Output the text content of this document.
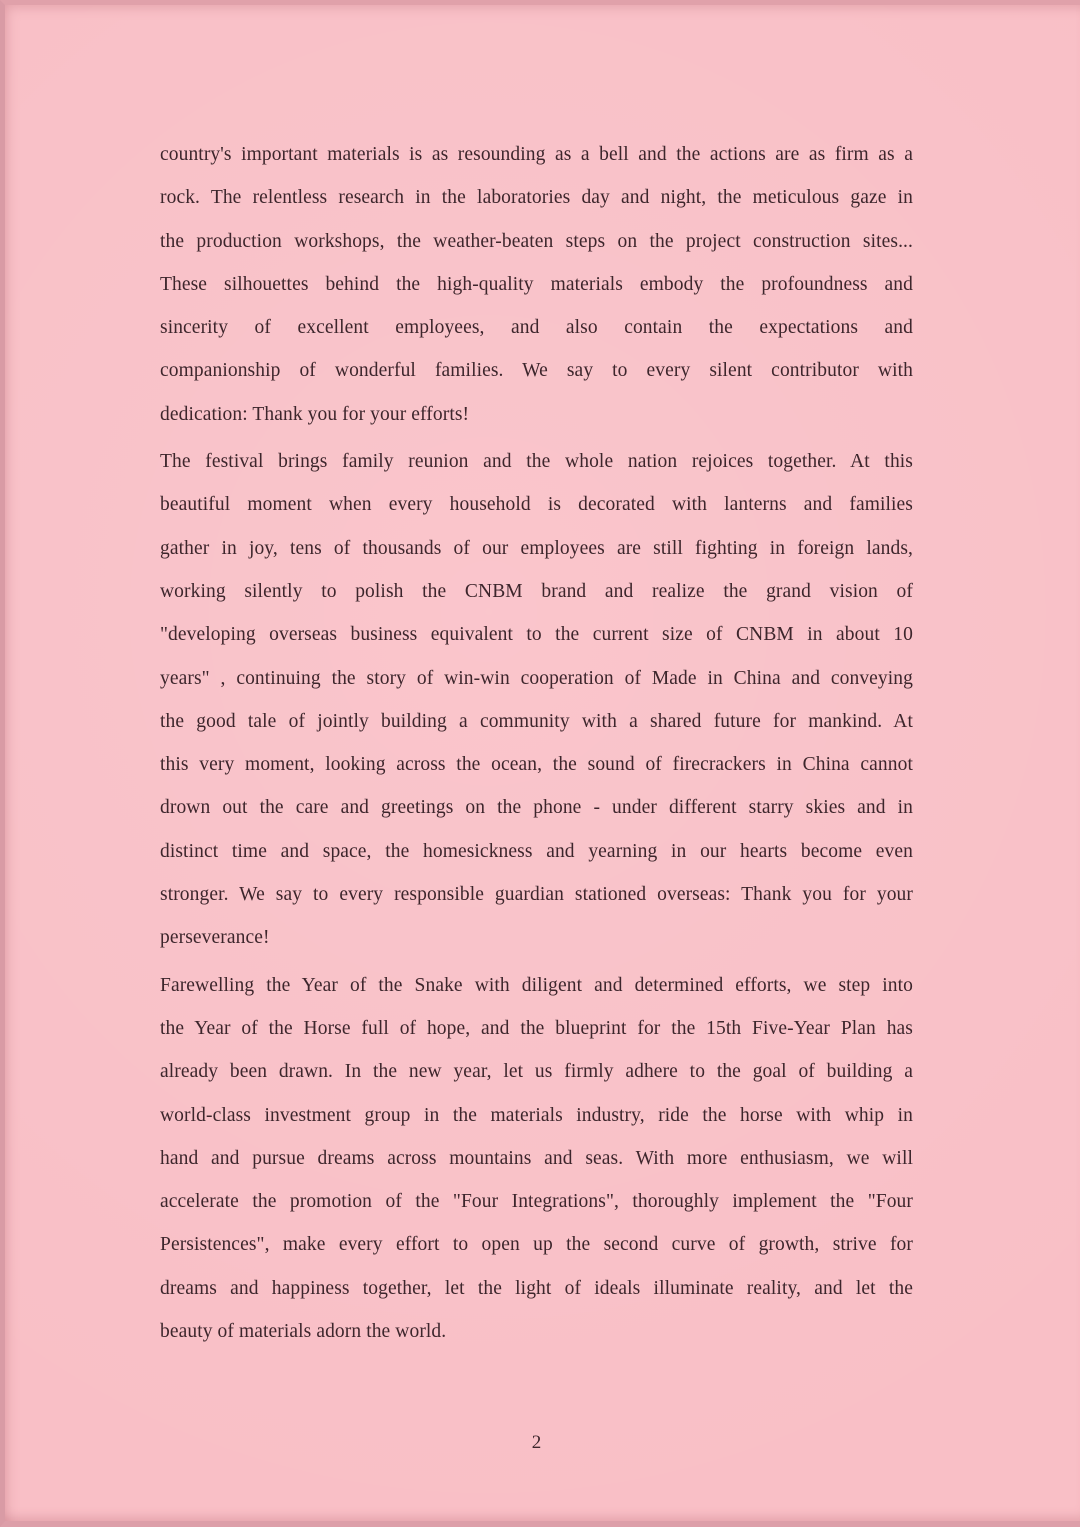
country's important materials is as resounding as a bell and the actions are as firm as a
rock. The relentless research in the laboratories day and night, the meticulous gaze in
the production workshops, the weather-beaten steps on the project construction sites...
These silhouettes behind the high-quality materials embody the profoundness and
sincerity of excellent employees, and also contain the expectations and
companionship of wonderful families. We say to every silent contributor with
dedication: Thank you for your efforts!

The festival brings family reunion and the whole nation rejoices together. At this
beautiful moment when every household is decorated with lanterns and families
gather in joy, tens of thousands of our employees are still fighting in foreign lands,
working silently to polish the CNBM brand and realize the grand vision of
"developing overseas business equivalent to the current size of CNBM in about 10
years" , continuing the story of win-win cooperation of Made in China and conveying
the good tale of jointly building a community with a shared future for mankind. At
this very moment, looking across the ocean, the sound of firecrackers in China cannot
drown out the care and greetings on the phone - under different starry skies and in
distinct time and space, the homesickness and yearning in our hearts become even
stronger. We say to every responsible guardian stationed overseas: Thank you for your
perseverance!

Farewelling the Year of the Snake with diligent and determined efforts, we step into
the Year of the Horse full of hope, and the blueprint for the 15th Five-Year Plan has
already been drawn. In the new year, let us firmly adhere to the goal of building a
world-class investment group in the materials industry, ride the horse with whip in
hand and pursue dreams across mountains and seas. With more enthusiasm, we will
accelerate the promotion of the "Four Integrations", thoroughly implement the "Four
Persistences", make every effort to open up the second curve of growth, strive for
dreams and happiness together, let the light of ideals illuminate reality, and let the
beauty of materials adorn the world.

2
